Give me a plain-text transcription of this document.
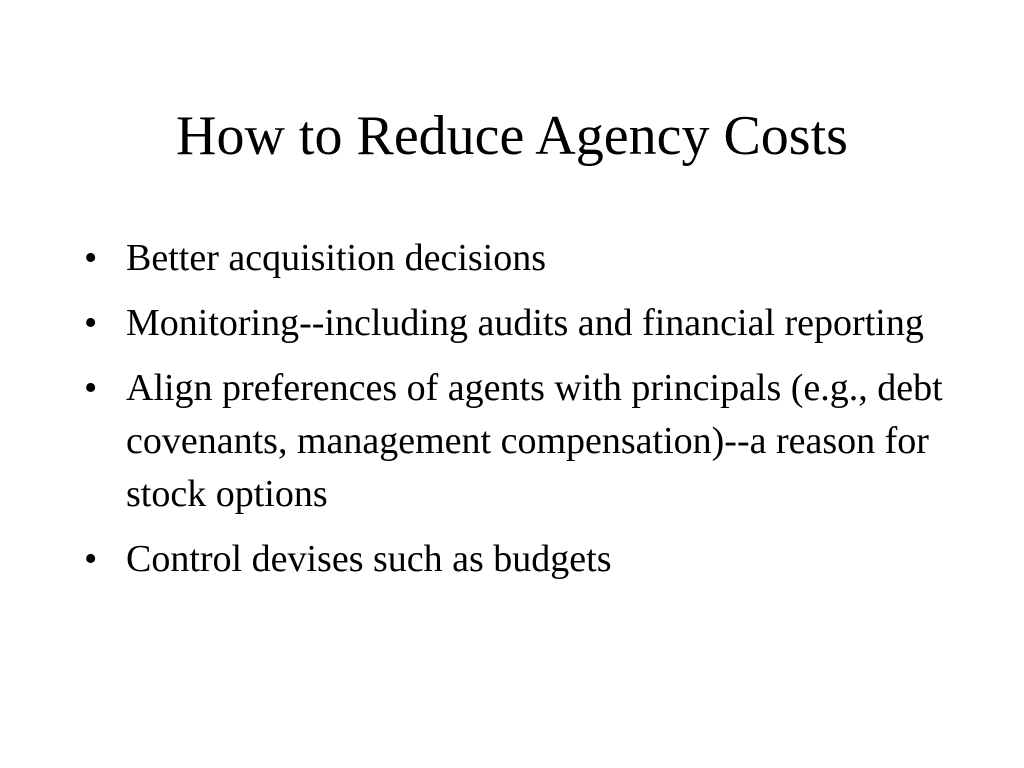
How to Reduce Agency Costs
• Better acquisition decisions
• Monitoring--including audits and financial reporting
• Align preferences of agents with principals (e.g., debt covenants, management compensation)--a reason for stock options
• Control devises such as budgets
